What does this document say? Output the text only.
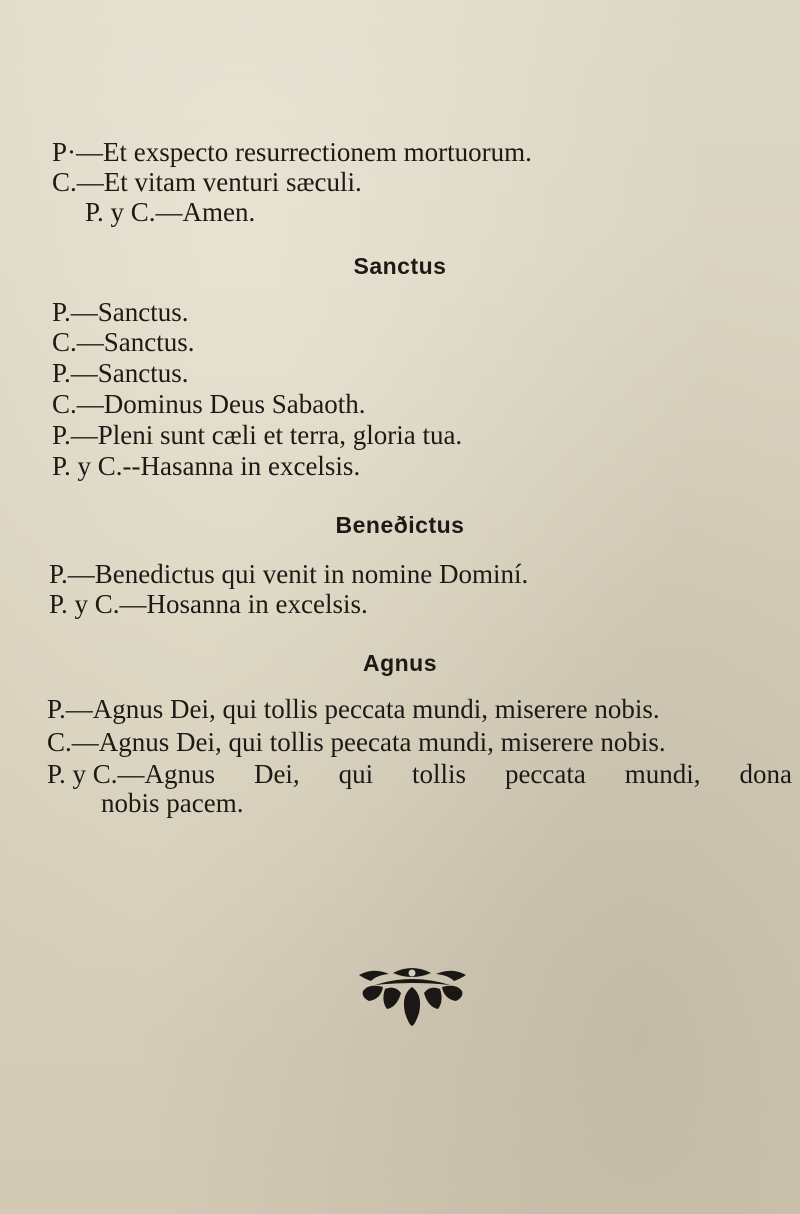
P·—Et exspecto resurrectionem mortuorum.
C.—Et vitam venturi sæculi.
P. y C.—Amen.
Sanctus
P.—Sanctus.
C.—Sanctus.
P.—Sanctus.
C.—Dominus Deus Sabaoth.
P.—Pleni sunt cæli et terra, gloria tua.
P. y C.--Hasanna in excelsis.
Beneðictus
P.—Benedictus qui venit in nomine Dominí.
P. y C.—Hosanna in excelsis.
Agnus
P.—Agnus Dei, qui tollis peccata mundi, miserere nobis.
C.—Agnus Dei, qui tollis peecata mundi, miserere nobis.
P. y C.—Agnus Dei, qui tollis peccata mundi, dona
nobis pacem.
